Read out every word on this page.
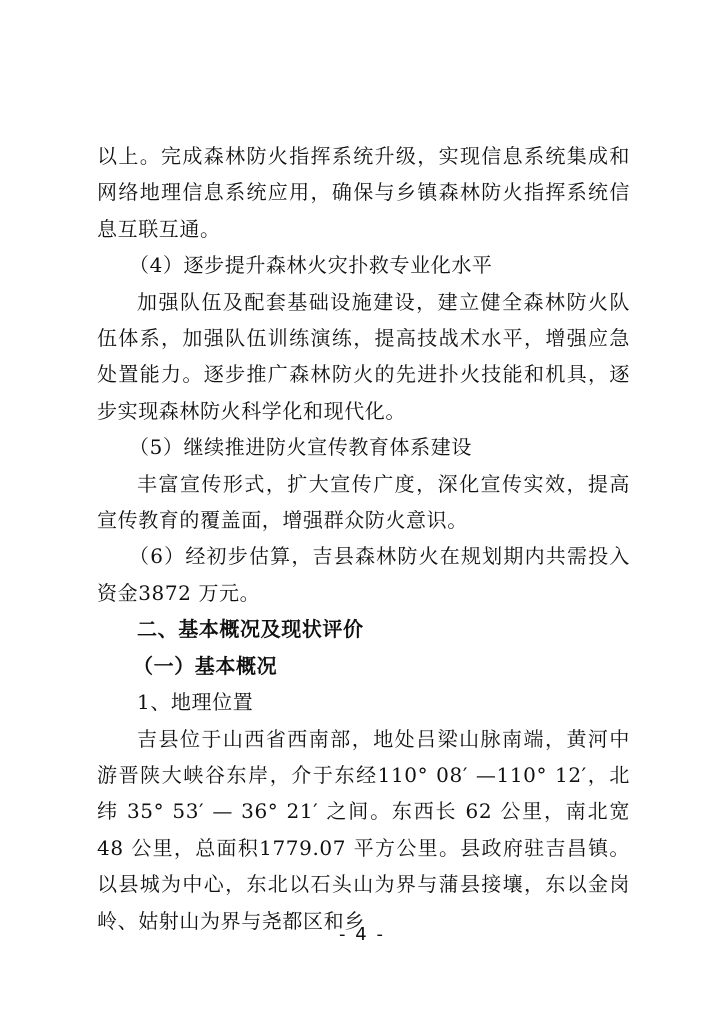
以上。完成森林防火指挥系统升级，实现信息系统集成和网络地理信息系统应用，确保与乡镇森林防火指挥系统信息互联互通。

（4）逐步提升森林火灾扑救专业化水平

加强队伍及配套基础设施建设，建立健全森林防火队伍体系，加强队伍训练演练，提高技战术水平，增强应急处置能力。逐步推广森林防火的先进扑火技能和机具，逐步实现森林防火科学化和现代化。

（5）继续推进防火宣传教育体系建设

丰富宣传形式，扩大宣传广度，深化宣传实效，提高宣传教育的覆盖面，增强群众防火意识。

（6）经初步估算，吉县森林防火在规划期内共需投入资金3872 万元。

二、基本概况及现状评价

（一）基本概况

1、地理位置

吉县位于山西省西南部，地处吕梁山脉南端，黄河中游晋陕大峡谷东岸，介于东经110° 08′ —110° 12′，北纬 35° 53′ — 36° 21′ 之间。东西长 62 公里，南北宽 48 公里，总面积1779.07 平方公里。县政府驻吉昌镇。以县城为中心，东北以石头山为界与蒲县接壤，东以金岗岭、姑射山为界与尧都区和乡

- 4 -
